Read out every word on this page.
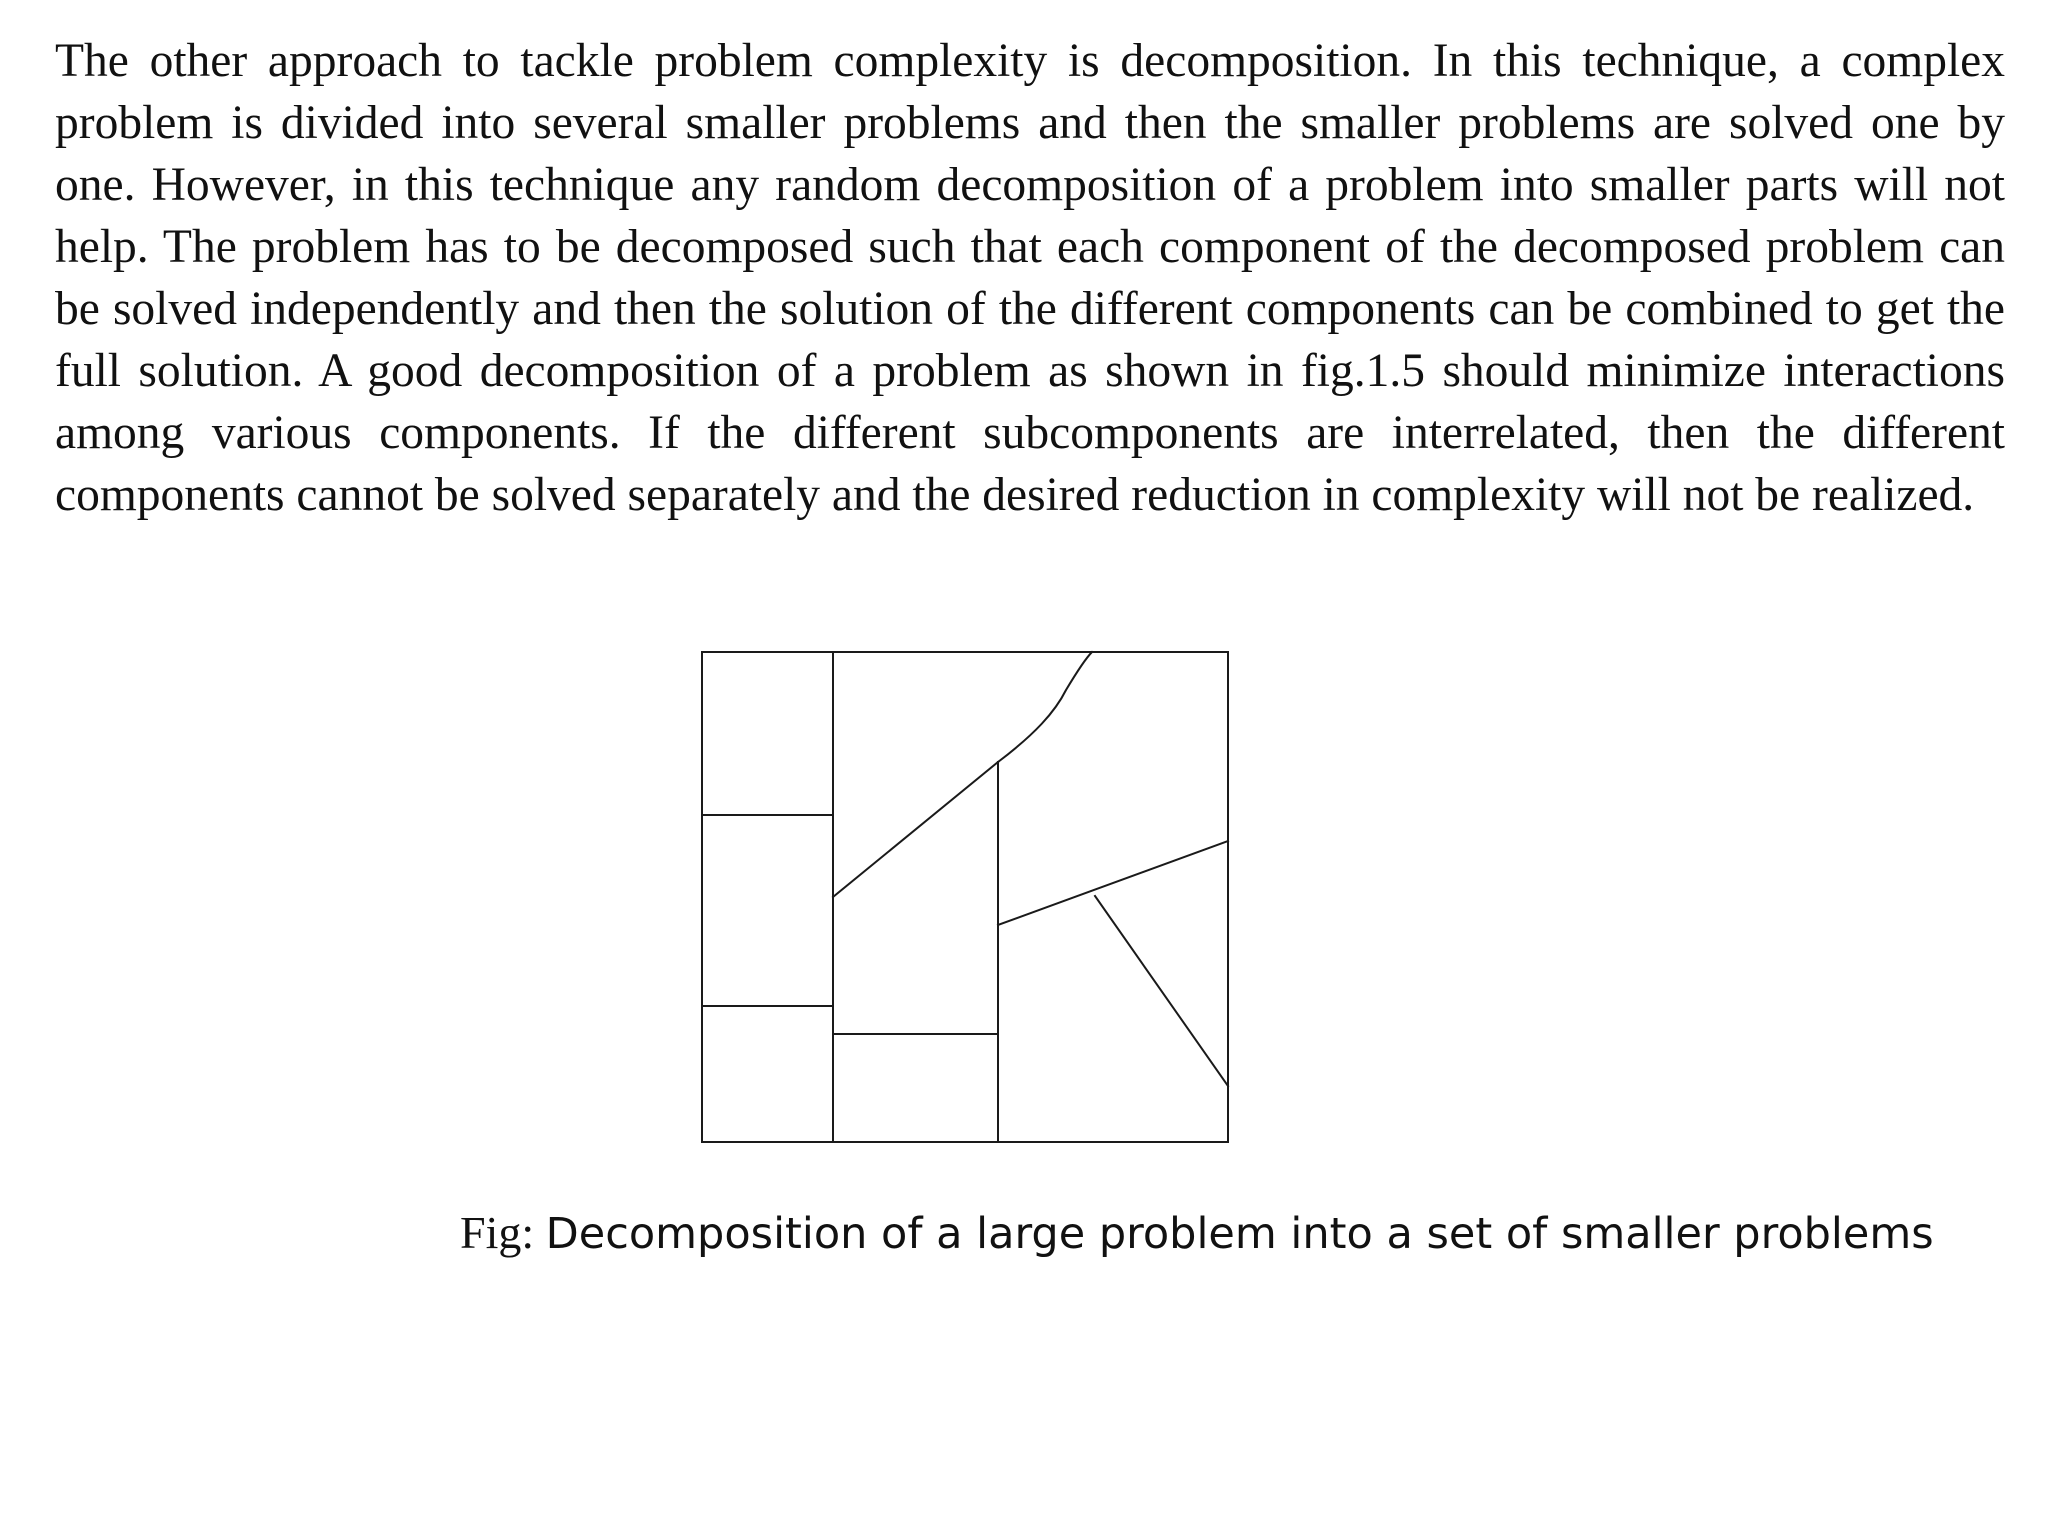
The other approach to tackle problem complexity is decomposition. In this technique, a complex problem is divided into several smaller problems and then the smaller problems are solved one by one. However, in this technique any random decomposition of a problem into smaller parts will not help. The problem has to be decomposed such that each component of the decomposed problem can be solved independently and then the solution of the different components can be combined to get the full solution. A good decomposition of a problem as shown in fig.1.5 should minimize interactions among various components. If the different subcomponents are interrelated, then the different components cannot be solved separately and the desired reduction in complexity will not be realized.

Fig: Decomposition of a large problem into a set of smaller problems
